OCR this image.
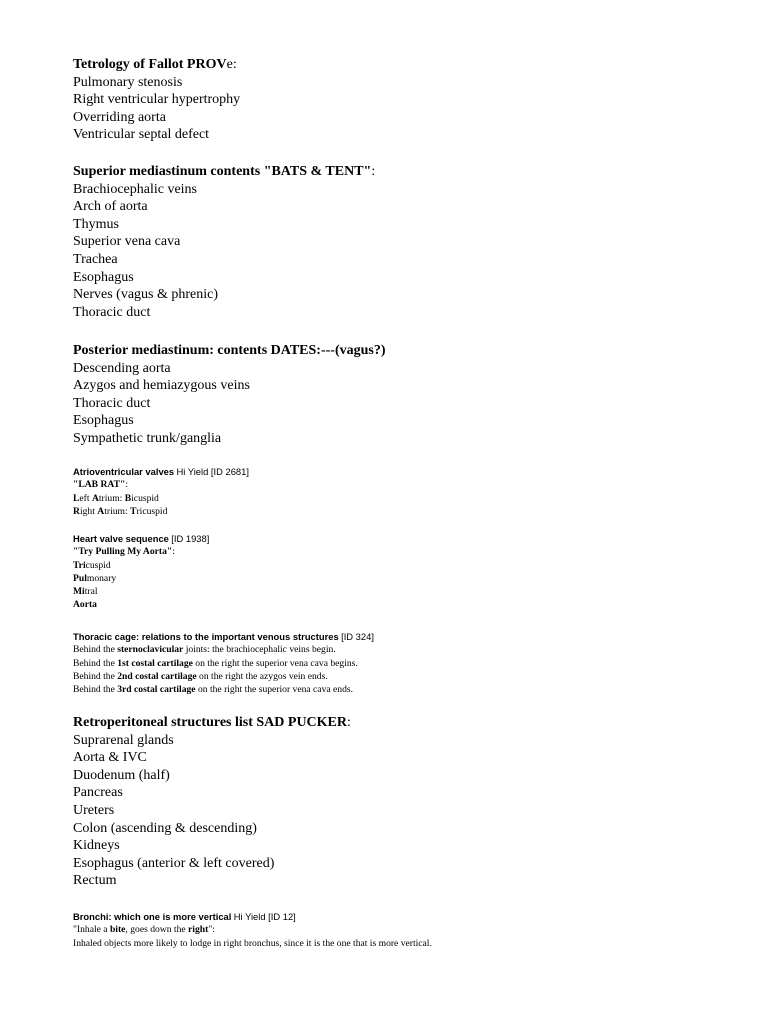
Tetrology of Fallot PROVe:
Pulmonary stenosis
Right ventricular hypertrophy
Overriding aorta
Ventricular septal defect
Superior mediastinum contents "BATS & TENT":
Brachiocephalic veins
Arch of aorta
Thymus
Superior vena cava
Trachea
Esophagus
Nerves (vagus & phrenic)
Thoracic duct
Posterior mediastinum: contents DATES:---(vagus?)
Descending aorta
Azygos and hemiazygous veins
Thoracic duct
Esophagus
Sympathetic trunk/ganglia
Atrioventricular valves Hi Yield [ID 2681]
"LAB RAT":
Left Atrium: Bicuspid
Right Atrium: Tricuspid
Heart valve sequence [ID 1938]
"Try Pulling My Aorta":
Tricuspid
Pulmonary
Mitral
Aorta
Thoracic cage: relations to the important venous structures [ID 324]
Behind the sternoclavicular joints: the brachiocephalic veins begin.
Behind the 1st costal cartilage on the right the superior vena cava begins.
Behind the 2nd costal cartilage on the right the azygos vein ends.
Behind the 3rd costal cartilage on the right the superior vena cava ends.
Retroperitoneal structures list SAD PUCKER:
Suprarenal glands
Aorta & IVC
Duodenum (half)
Pancreas
Ureters
Colon (ascending & descending)
Kidneys
Esophagus (anterior & left covered)
Rectum
Bronchi: which one is more vertical Hi Yield [ID 12]
"Inhale a bite, goes down the right":
Inhaled objects more likely to lodge in right bronchus, since it is the one that is more vertical.
